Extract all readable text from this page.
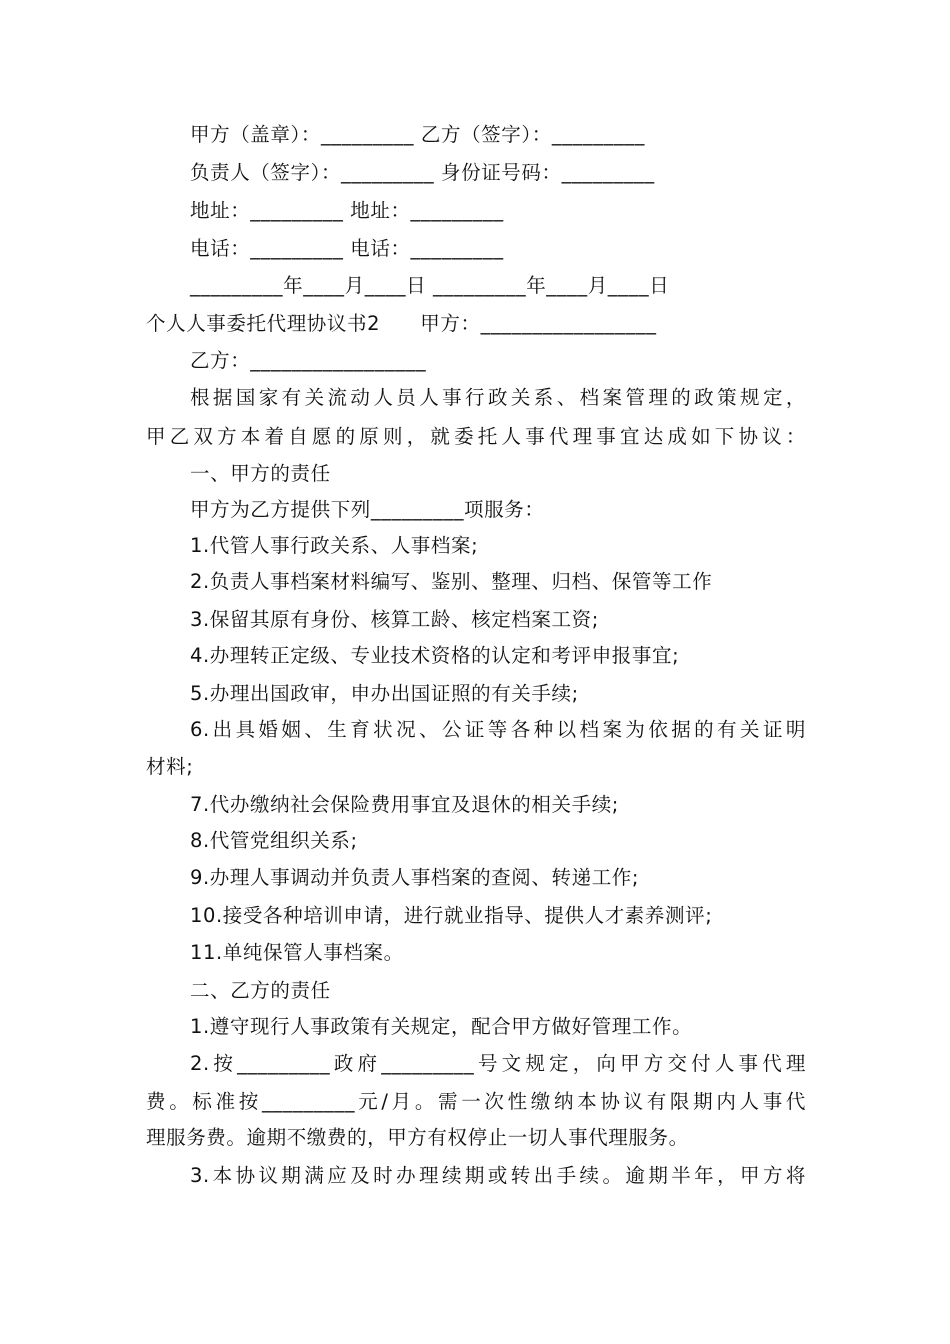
甲方（盖章）：_________ 乙方（签字）：_________
负责人（签字）：_________ 身份证号码：_________
地址：_________ 地址：_________
电话：_________ 电话：_________
_________年____月____日 _________年____月____日
个人人事委托代理协议书2　　甲方：_________________
乙方：_________________
根据国家有关流动人员人事行政关系、档案管理的政策规定，
甲乙双方本着自愿的原则，就委托人事代理事宜达成如下协议：
一、甲方的责任
甲方为乙方提供下列_________项服务：
1.代管人事行政关系、人事档案;
2.负责人事档案材料编写、鉴别、整理、归档、保管等工作
3.保留其原有身份、核算工龄、核定档案工资;
4.办理转正定级、专业技术资格的认定和考评申报事宜;
5.办理出国政审，申办出国证照的有关手续;
6.出具婚姻、生育状况、公证等各种以档案为依据的有关证明
材料;
7.代办缴纳社会保险费用事宜及退休的相关手续;
8.代管党组织关系;
9.办理人事调动并负责人事档案的查阅、转递工作;
10.接受各种培训申请，进行就业指导、提供人才素养测评;
11.单纯保管人事档案。
二、乙方的责任
1.遵守现行人事政策有关规定，配合甲方做好管理工作。
2.按_________政府_________号文规定，向甲方交付人事代理
费。标准按_________元/月。需一次性缴纳本协议有限期内人事代
理服务费。逾期不缴费的，甲方有权停止一切人事代理服务。
3.本协议期满应及时办理续期或转出手续。逾期半年，甲方将
